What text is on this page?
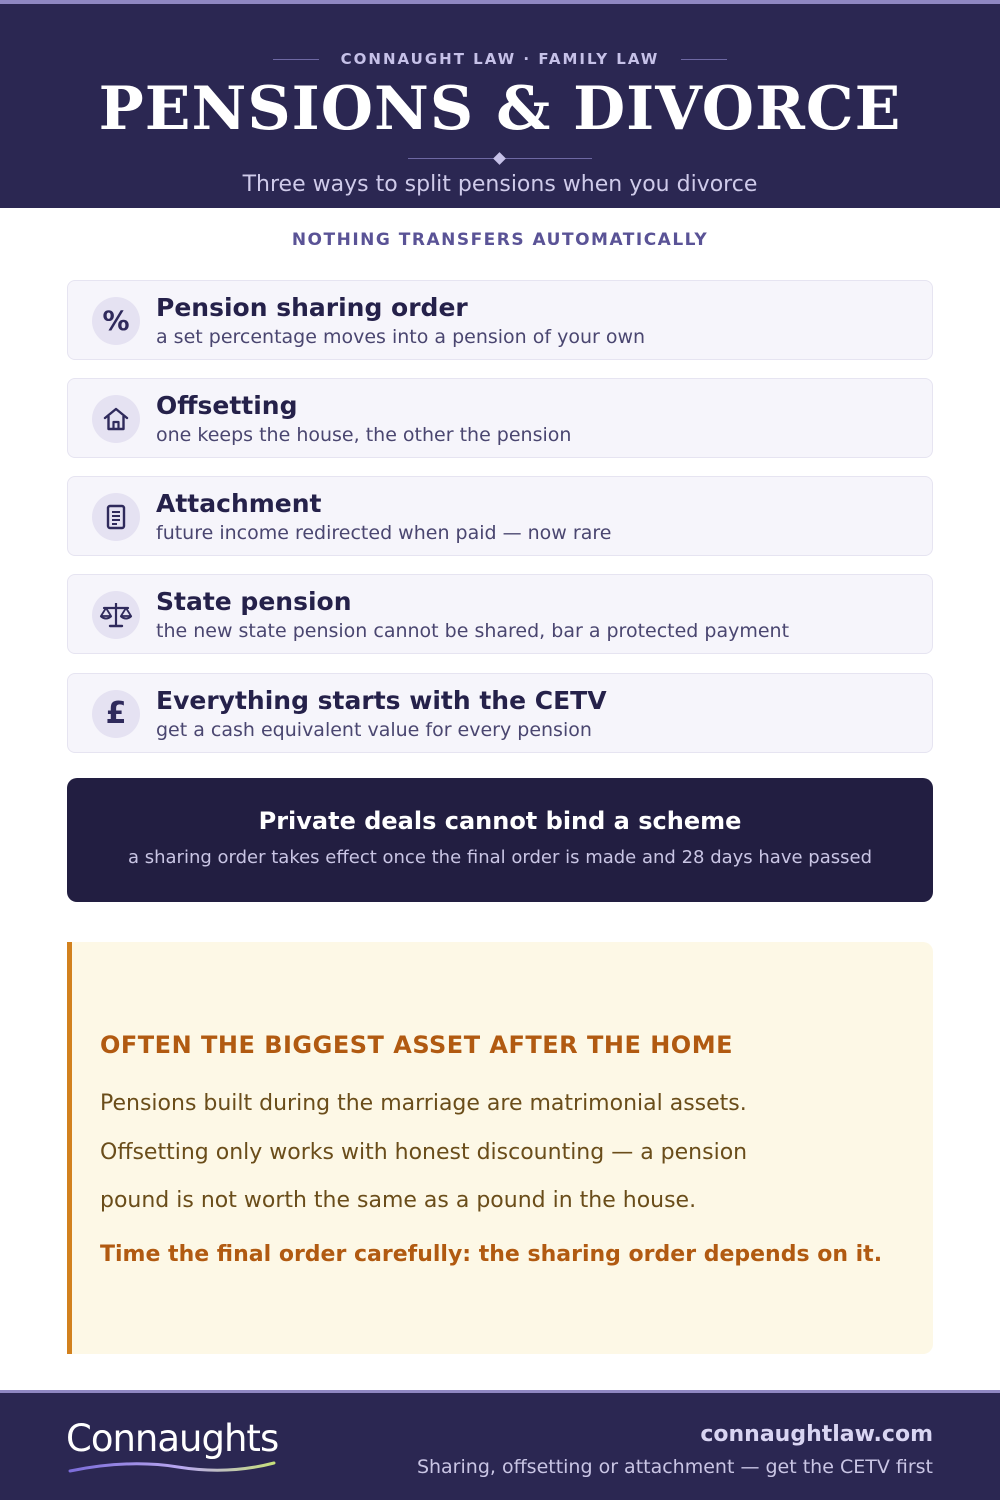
CONNAUGHT LAW · FAMILY LAW
PENSIONS & DIVORCE
Three ways to split pensions when you divorce
NOTHING TRANSFERS AUTOMATICALLY
% Pension sharing order
a set percentage moves into a pension of your own
Offsetting
one keeps the house, the other the pension
Attachment
future income redirected when paid — now rare
State pension
the new state pension cannot be shared, bar a protected payment
£ Everything starts with the CETV
get a cash equivalent value for every pension
Private deals cannot bind a scheme
a sharing order takes effect once the final order is made and 28 days have passed
OFTEN THE BIGGEST ASSET AFTER THE HOME
Pensions built during the marriage are matrimonial assets. Offsetting only works with honest discounting — a pension pound is not worth the same as a pound in the house.
Time the final order carefully: the sharing order depends on it.
Connaughts	connaughtlaw.com
Sharing, offsetting or attachment — get the CETV first
